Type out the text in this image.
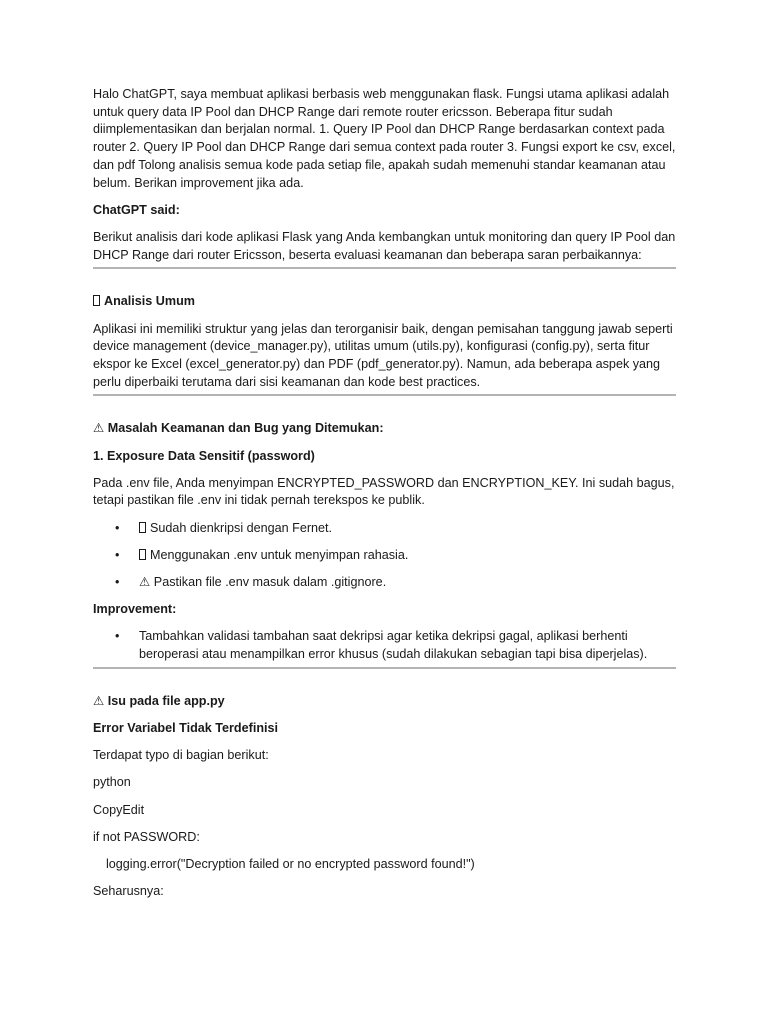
Halo ChatGPT, saya membuat aplikasi berbasis web menggunakan flask. Fungsi utama aplikasi adalah untuk query data IP Pool dan DHCP Range dari remote router ericsson. Beberapa fitur sudah diimplementasikan dan berjalan normal. 1. Query IP Pool dan DHCP Range berdasarkan context pada router 2. Query IP Pool dan DHCP Range dari semua context pada router 3. Fungsi export ke csv, excel, dan pdf Tolong analisis semua kode pada setiap file, apakah sudah memenuhi standar keamanan atau belum. Berikan improvement jika ada.

ChatGPT said:

Berikut analisis dari kode aplikasi Flask yang Anda kembangkan untuk monitoring dan query IP Pool dan DHCP Range dari router Ericsson, beserta evaluasi keamanan dan beberapa saran perbaikannya:

Analisis Umum

Aplikasi ini memiliki struktur yang jelas dan terorganisir baik, dengan pemisahan tanggung jawab seperti device management (device_manager.py), utilitas umum (utils.py), konfigurasi (config.py), serta fitur ekspor ke Excel (excel_generator.py) dan PDF (pdf_generator.py). Namun, ada beberapa aspek yang perlu diperbaiki terutama dari sisi keamanan dan kode best practices.

⚠ Masalah Keamanan dan Bug yang Ditemukan:

1. Exposure Data Sensitif (password)

Pada .env file, Anda menyimpan ENCRYPTED_PASSWORD dan ENCRYPTION_KEY. Ini sudah bagus, tetapi pastikan file .env ini tidak pernah terekspos ke publik.

• Sudah dienkripsi dengan Fernet.
• Menggunakan .env untuk menyimpan rahasia.
• ⚠ Pastikan file .env masuk dalam .gitignore.

Improvement:

• Tambahkan validasi tambahan saat dekripsi agar ketika dekripsi gagal, aplikasi berhenti beroperasi atau menampilkan error khusus (sudah dilakukan sebagian tapi bisa diperjelas).

⚠ Isu pada file app.py

Error Variabel Tidak Terdefinisi

Terdapat typo di bagian berikut:

python

CopyEdit

if not PASSWORD:

logging.error("Decryption failed or no encrypted password found!")

Seharusnya:
